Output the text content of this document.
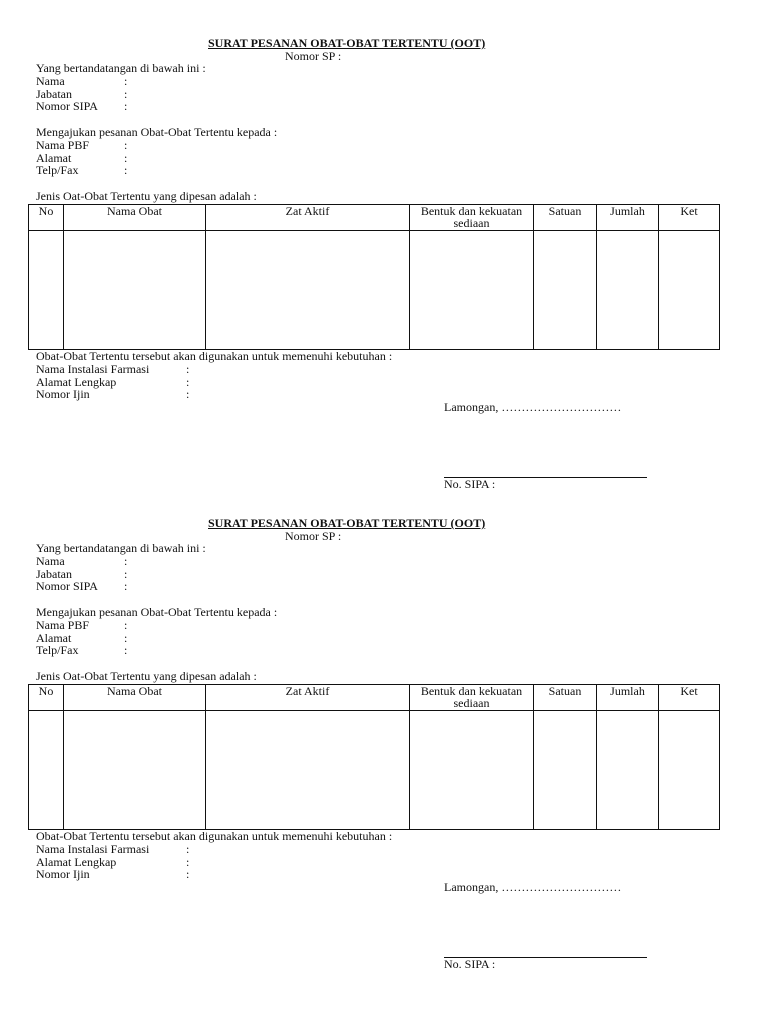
SURAT PESANAN OBAT-OBAT TERTENTU (OOT)
Nomor SP :
Yang bertandatangan di bawah ini :
Nama	:
Jabatan	:
Nomor SIPA :
Mengajukan pesanan Obat-Obat Tertentu kepada :
Nama PBF	:
Alamat	:
Telp/Fax	:
Jenis Oat-Obat Tertentu yang dipesan adalah :
No	Nama Obat	Zat Aktif	Bentuk dan kekuatan sediaan	Satuan	Jumlah	Ket

Obat-Obat Tertentu tersebut akan digunakan untuk memenuhi kebutuhan :
Nama Instalasi Farmasi	:
Alamat Lengkap	:
Nomor Ijin	:
Lamongan, …………………………
No. SIPA :
SURAT PESANAN OBAT-OBAT TERTENTU (OOT)
Nomor SP :
Yang bertandatangan di bawah ini :
Nama	:
Jabatan	:
Nomor SIPA :
Mengajukan pesanan Obat-Obat Tertentu kepada :
Nama PBF	:
Alamat	:
Telp/Fax	:
Jenis Oat-Obat Tertentu yang dipesan adalah :
No	Nama Obat	Zat Aktif	Bentuk dan kekuatan sediaan	Satuan	Jumlah	Ket

Obat-Obat Tertentu tersebut akan digunakan untuk memenuhi kebutuhan :
Nama Instalasi Farmasi	:
Alamat Lengkap	:
Nomor Ijin	:
Lamongan, …………………………
No. SIPA :
